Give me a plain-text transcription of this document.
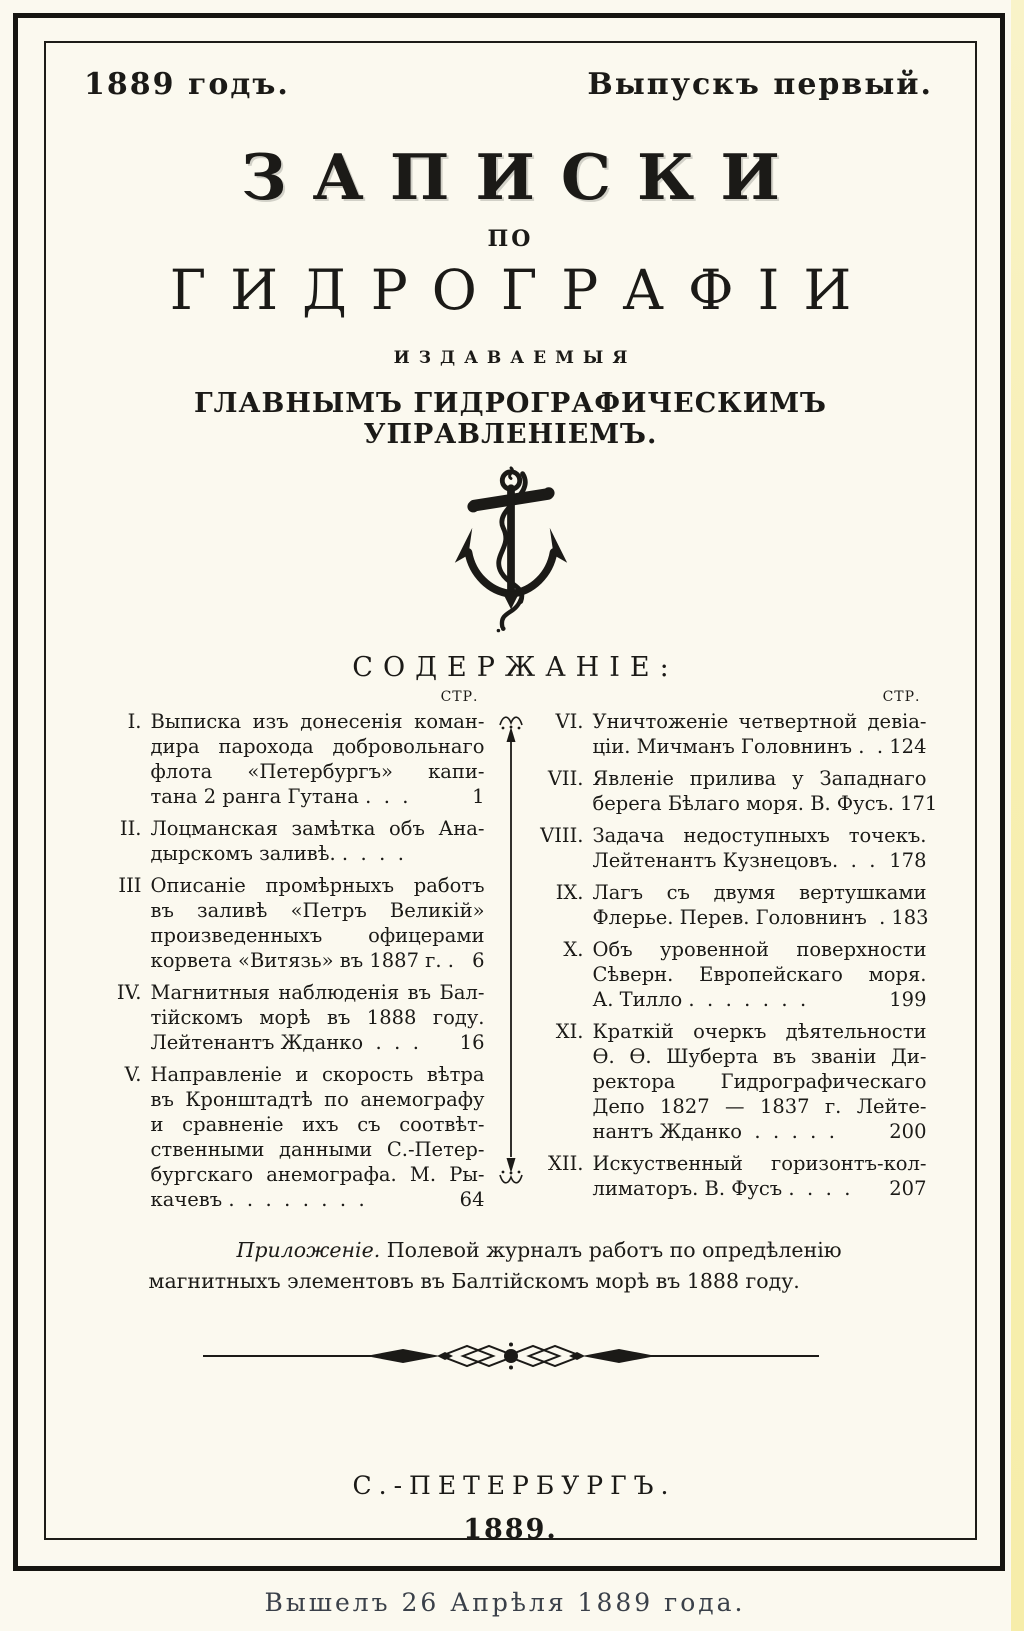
1889 годъ.	Выпускъ первый.
ЗАПИСКИ
ПО
ГИДРОГРАФІИ
ИЗДАВАЕМЫЯ
ГЛАВНЫМЪ ГИДРОГРАФИЧЕСКИМЪ УПРАВЛЕНІЕМЪ.
СОДЕРЖАНІЕ:
СТР.
I. Выписка изъ донесенія коман-
дира парохода добровольнаго
флота «Петербургъ» капи-
тана 2 ранга Гутана .  .  .	1
II. Лоцманская замѣтка объ Ана-
дырскомъ заливѣ. .  .  .  .
III Описаніе промѣрныхъ работъ
въ заливѣ «Петръ Великій»
произведенныхъ офицерами
корвета «Витязь» въ 1887 г. . 6
IV. Магнитныя наблюденія въ Бал-
тійскомъ морѣ въ 1888 году.
Лейтенантъ Жданко  .  .  .	16
V. Направленіе и скорость вѣтра
въ Кронштадтѣ по анемографу
и сравненіе ихъ съ соотвѣт-
ственными данными С.-Петер-
бургскаго анемографа. М. Ры-
качевъ .  .  .  .  .  .  .  .	64
СТР.
VI. Уничтоженіе четвертной девіа-
ціи. Мичманъ Головнинъ .  . 124
VII. Явленіе прилива у Западнаго
берега Бѣлаго моря. В. Фусъ. 171
VIII. Задача недоступныхъ точекъ.
Лейтенантъ Кузнецовъ.  .  . 178
IX. Лагъ съ двумя вертушками
Флерье. Перев. Головнинъ  . 183
X. Объ уровенной поверхности
Сѣверн. Европейскаго моря.
А. Тилло .  .  .  .  .  .  .	199
XI. Краткій очеркъ дѣятельности
Ѳ. Ѳ. Шуберта въ званіи Ди-
ректора Гидрографическаго
Депо 1827 — 1837 г. Лейте-
нантъ Жданко  .  .  .  .  .	200
XII. Искуственный горизонтъ-кол-
лиматоръ. В. Фусъ .  .  .  .	207
Приложеніе. Полевой журналъ работъ по опредѣленію магнитныхъ элементовъ въ Балтійскомъ морѣ въ 1888 году.
С.-ПЕТЕРБУРГЪ.
1889.
Вышелъ 26 Апрѣля 1889 года.
